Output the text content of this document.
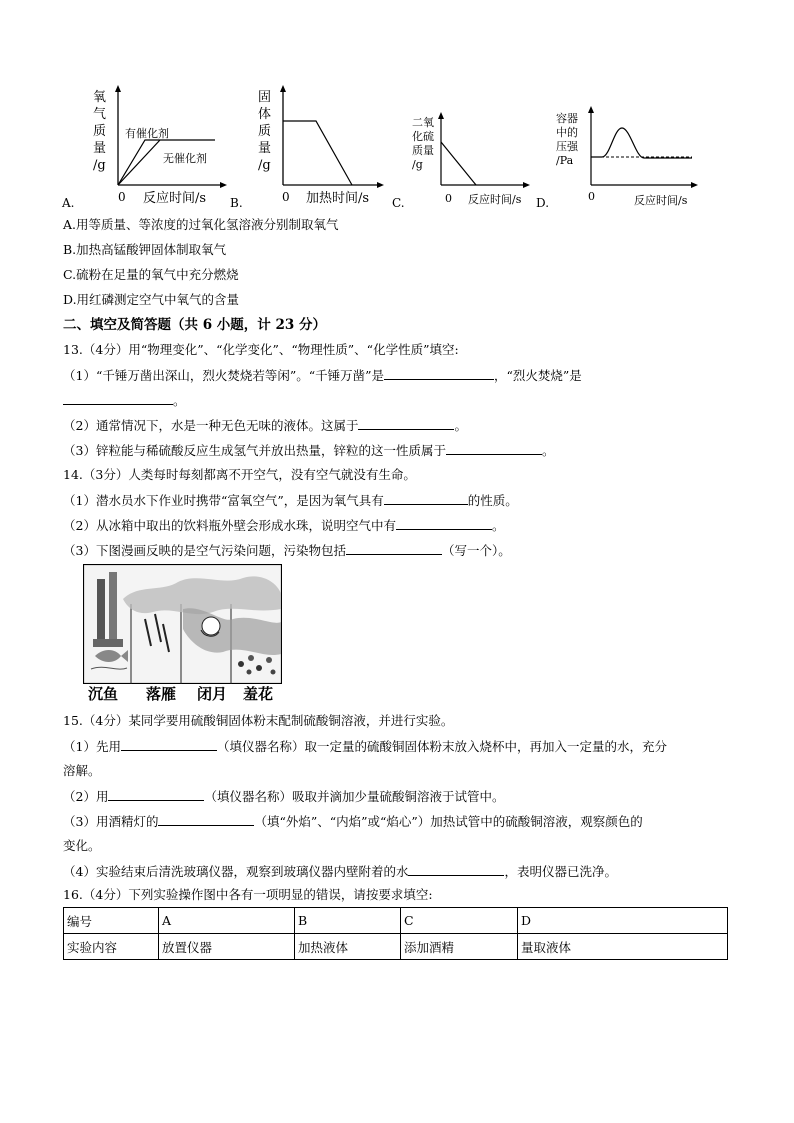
氧
气
质
量
/g
有催化剂
无催化剂
0 反应时间/s
A.
固
体
质
量
/g
0 加热时间/s
B.
二氧
化硫
质量
/g
0 反应时间/s
C.
容器
中的
压强
/Pa
0	反应时间/s
D.
A.用等质量、等浓度的过氧化氢溶液分别制取氧气
B.加热高锰酸钾固体制取氧气
C.硫粉在足量的氧气中充分燃烧
D.用红磷测定空气中氧气的含量
二、填空及简答题（共 6 小题，计 23 分）
13.（4分）用“物理变化”、“化学变化”、“物理性质”、“化学性质”填空:
（1）“千锤万凿出深山，烈火焚烧若等闲”。“千锤万凿”是	，“烈火焚烧”是
。
（2）通常情况下，水是一种无色无味的液体。这属于	。
（3）锌粒能与稀硫酸反应生成氢气并放出热量，锌粒的这一性质属于	。
14.（3分）人类每时每刻都离不开空气，没有空气就没有生命。
（1）潜水员水下作业时携带“富氧空气”，是因为氧气具有	的性质。
（2）从冰箱中取出的饮料瓶外壁会形成水珠，说明空气中有	。
（3）下图漫画反映的是空气污染问题，污染物包括	（写一个）。
沉鱼 落雁 闭月 羞花
15.（4分）某同学要用硫酸铜固体粉末配制硫酸铜溶液，并进行实验。
（1）先用	（填仪器名称）取一定量的硫酸铜固体粉末放入烧杯中，再加入一定量的水，充分
溶解。
（2）用	（填仪器名称）吸取并滴加少量硫酸铜溶液于试管中。
（3）用酒精灯的	（填“外焰”、“内焰”或“焰心”）加热试管中的硫酸铜溶液，观察颜色的
变化。
（4）实验结束后清洗玻璃仪器，观察到玻璃仪器内壁附着的水	，表明仪器已洗净。
16.（4分）下列实验操作图中各有一项明显的错误，请按要求填空:
编号	A	B	C	D
实验内容	放置仪器	加热液体	添加酒精	量取液体
